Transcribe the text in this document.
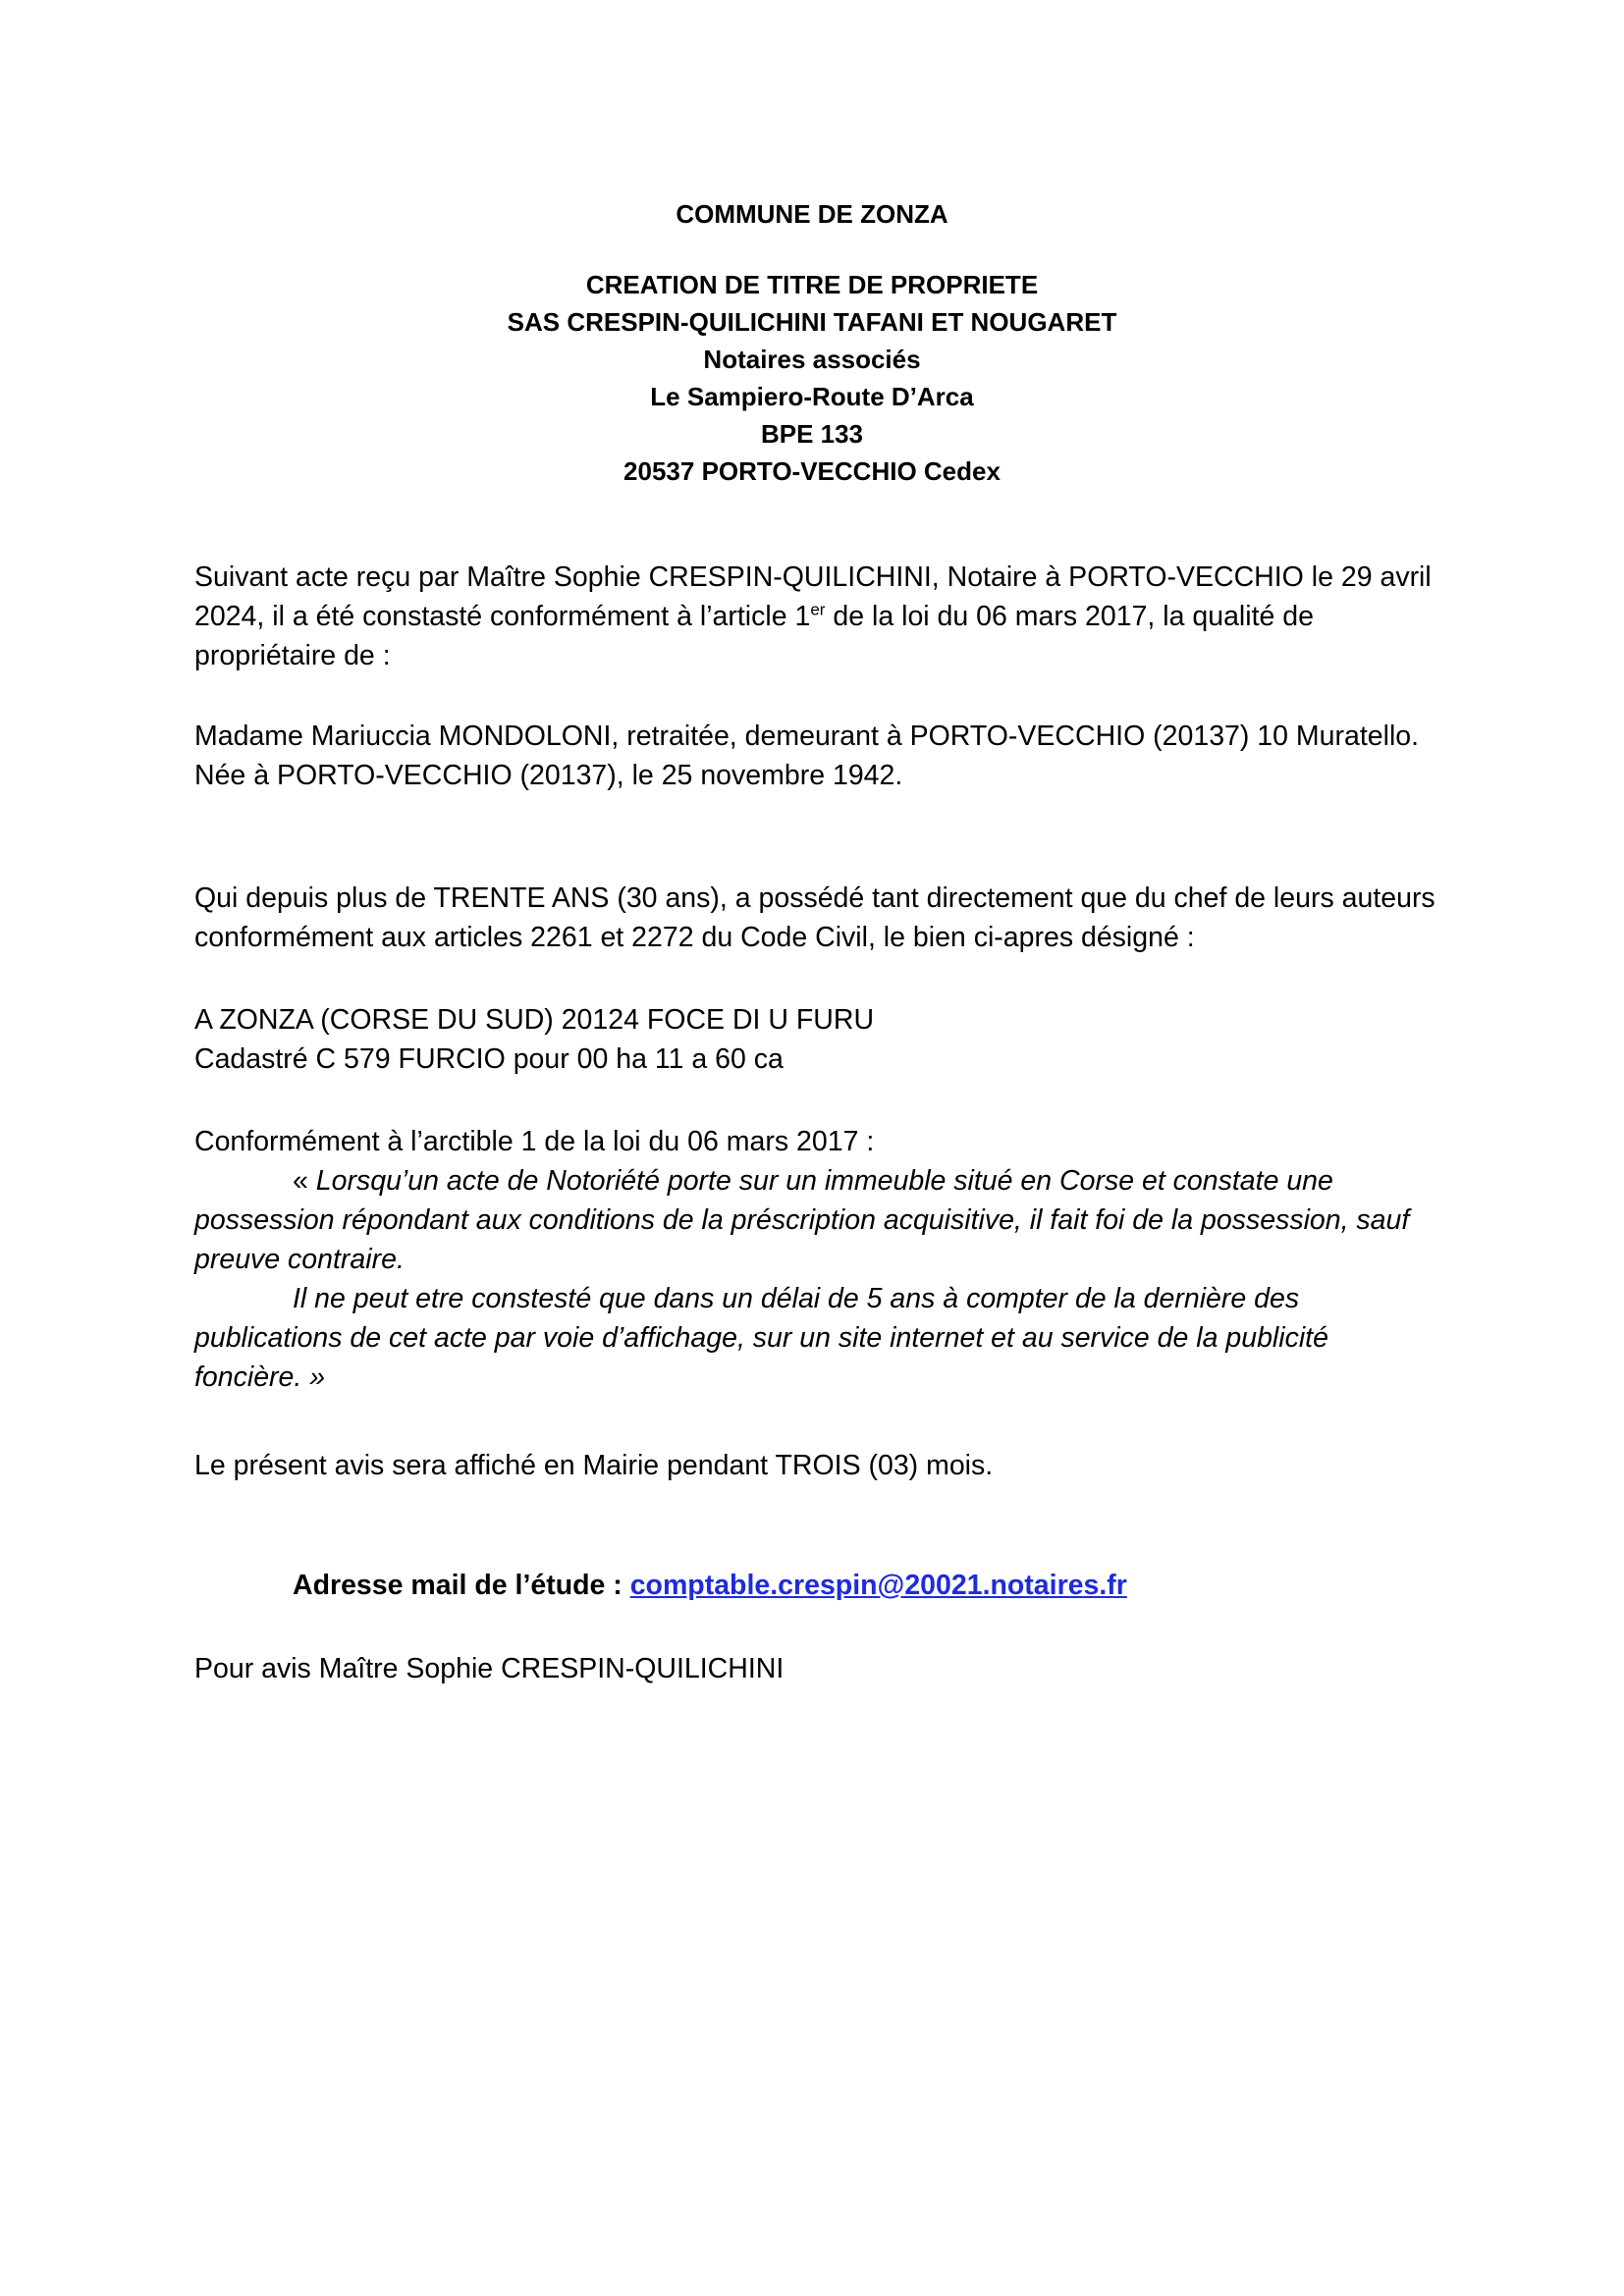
COMMUNE DE ZONZA
CREATION DE TITRE DE PROPRIETE
SAS CRESPIN-QUILICHINI TAFANI ET NOUGARET
Notaires associés
Le Sampiero-Route D’Arca
BPE 133
20537 PORTO-VECCHIO Cedex

Suivant acte reçu par Maître Sophie CRESPIN-QUILICHINI, Notaire à PORTO-VECCHIO le 29 avril 2024, il a été constasté conformément à l’article 1er de la loi du 06 mars 2017, la qualité de propriétaire de :

Madame Mariuccia MONDOLONI, retraitée, demeurant à PORTO-VECCHIO (20137) 10 Muratello.

Née à PORTO-VECCHIO (20137), le 25 novembre 1942.

Qui depuis plus de TRENTE ANS (30 ans), a possédé tant directement que du chef de leurs auteurs conformément aux articles 2261 et 2272 du Code Civil, le bien ci-apres désigné :

A ZONZA (CORSE DU SUD) 20124 FOCE DI U FURU

Cadastré C 579 FURCIO pour 00 ha 11 a 60 ca

Conformément à l’arctible 1 de la loi du 06 mars 2017 :

« Lorsqu’un acte de Notoriété porte sur un immeuble situé en Corse et constate une possession répondant aux conditions de la préscription acquisitive, il fait foi de la possession, sauf preuve contraire.

Il ne peut etre constesté que dans un délai de 5 ans à compter de la dernière des publications de cet acte par voie d’affichage, sur un site internet et au service de la publicité foncière. »

Le présent avis sera affiché en Mairie pendant TROIS (03) mois.

Adresse mail de l’étude : comptable.crespin@20021.notaires.fr

Pour avis Maître Sophie CRESPIN-QUILICHINI
